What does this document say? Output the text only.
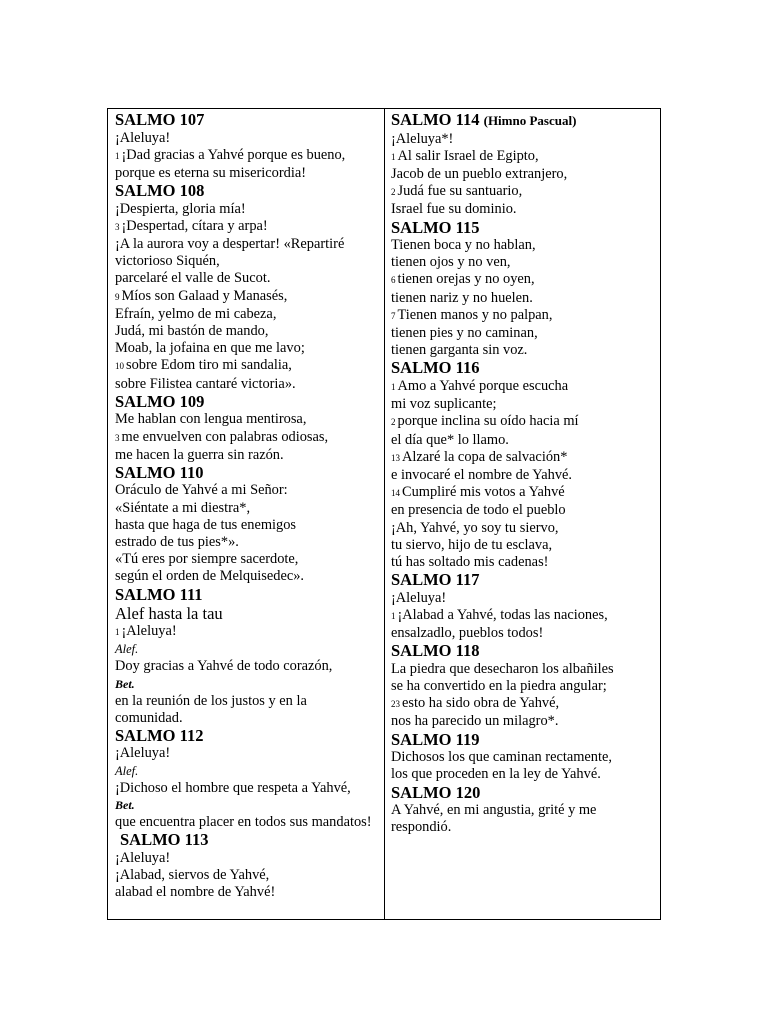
SALMO 107
¡Aleluya!
1 ¡Dad gracias a Yahvé porque es bueno,
porque es eterna su misericordia!
SALMO 108
¡Despierta, gloria mía!
3 ¡Despertad, cítara y arpa!
¡A la aurora voy a despertar! «Repartiré
victorioso Siquén,
parcelaré el valle de Sucot.
9 Míos son Galaad y Manasés,
Efraín, yelmo de mi cabeza,
Judá, mi bastón de mando,
Moab, la jofaina en que me lavo;
10 sobre Edom tiro mi sandalia,
sobre Filistea cantaré victoria».
SALMO 109
Me hablan con lengua mentirosa,
3 me envuelven con palabras odiosas,
me hacen la guerra sin razón.
SALMO 110
Oráculo de Yahvé a mi Señor:
«Siéntate a mi diestra*,
hasta que haga de tus enemigos
estrado de tus pies*».
«Tú eres por siempre sacerdote,
según el orden de Melquisedec».
SALMO 111
Alef hasta la tau
1 ¡Aleluya!
Alef.
Doy gracias a Yahvé de todo corazón,
Bet.
en la reunión de los justos y en la
comunidad.
SALMO 112
¡Aleluya!
Alef.
¡Dichoso el hombre que respeta a Yahvé,
Bet.
que encuentra placer en todos sus mandatos!
SALMO 113
¡Aleluya!
¡Alabad, siervos de Yahvé,
alabad el nombre de Yahvé!
SALMO 114 (Himno Pascual)
¡Aleluya*!
1 Al salir Israel de Egipto,
Jacob de un pueblo extranjero,
2 Judá fue su santuario,
Israel fue su dominio.
SALMO 115
Tienen boca y no hablan,
tienen ojos y no ven,
6 tienen orejas y no oyen,
tienen nariz y no huelen.
7 Tienen manos y no palpan,
tienen pies y no caminan,
tienen garganta sin voz.
SALMO 116
1 Amo a Yahvé porque escucha
mi voz suplicante;
2 porque inclina su oído hacia mí
el día que* lo llamo.
13 Alzaré la copa de salvación*
e invocaré el nombre de Yahvé.
14 Cumpliré mis votos a Yahvé
en presencia de todo el pueblo
¡Ah, Yahvé, yo soy tu siervo,
tu siervo, hijo de tu esclava,
tú has soltado mis cadenas!
SALMO 117
¡Aleluya!
1 ¡Alabad a Yahvé, todas las naciones,
ensalzadlo, pueblos todos!
SALMO 118
La piedra que desecharon los albañiles
se ha convertido en la piedra angular;
23 esto ha sido obra de Yahvé,
nos ha parecido un milagro*.
SALMO 119
Dichosos los que caminan rectamente,
los que proceden en la ley de Yahvé.
SALMO 120
A Yahvé, en mi angustia, grité y me
respondió.
